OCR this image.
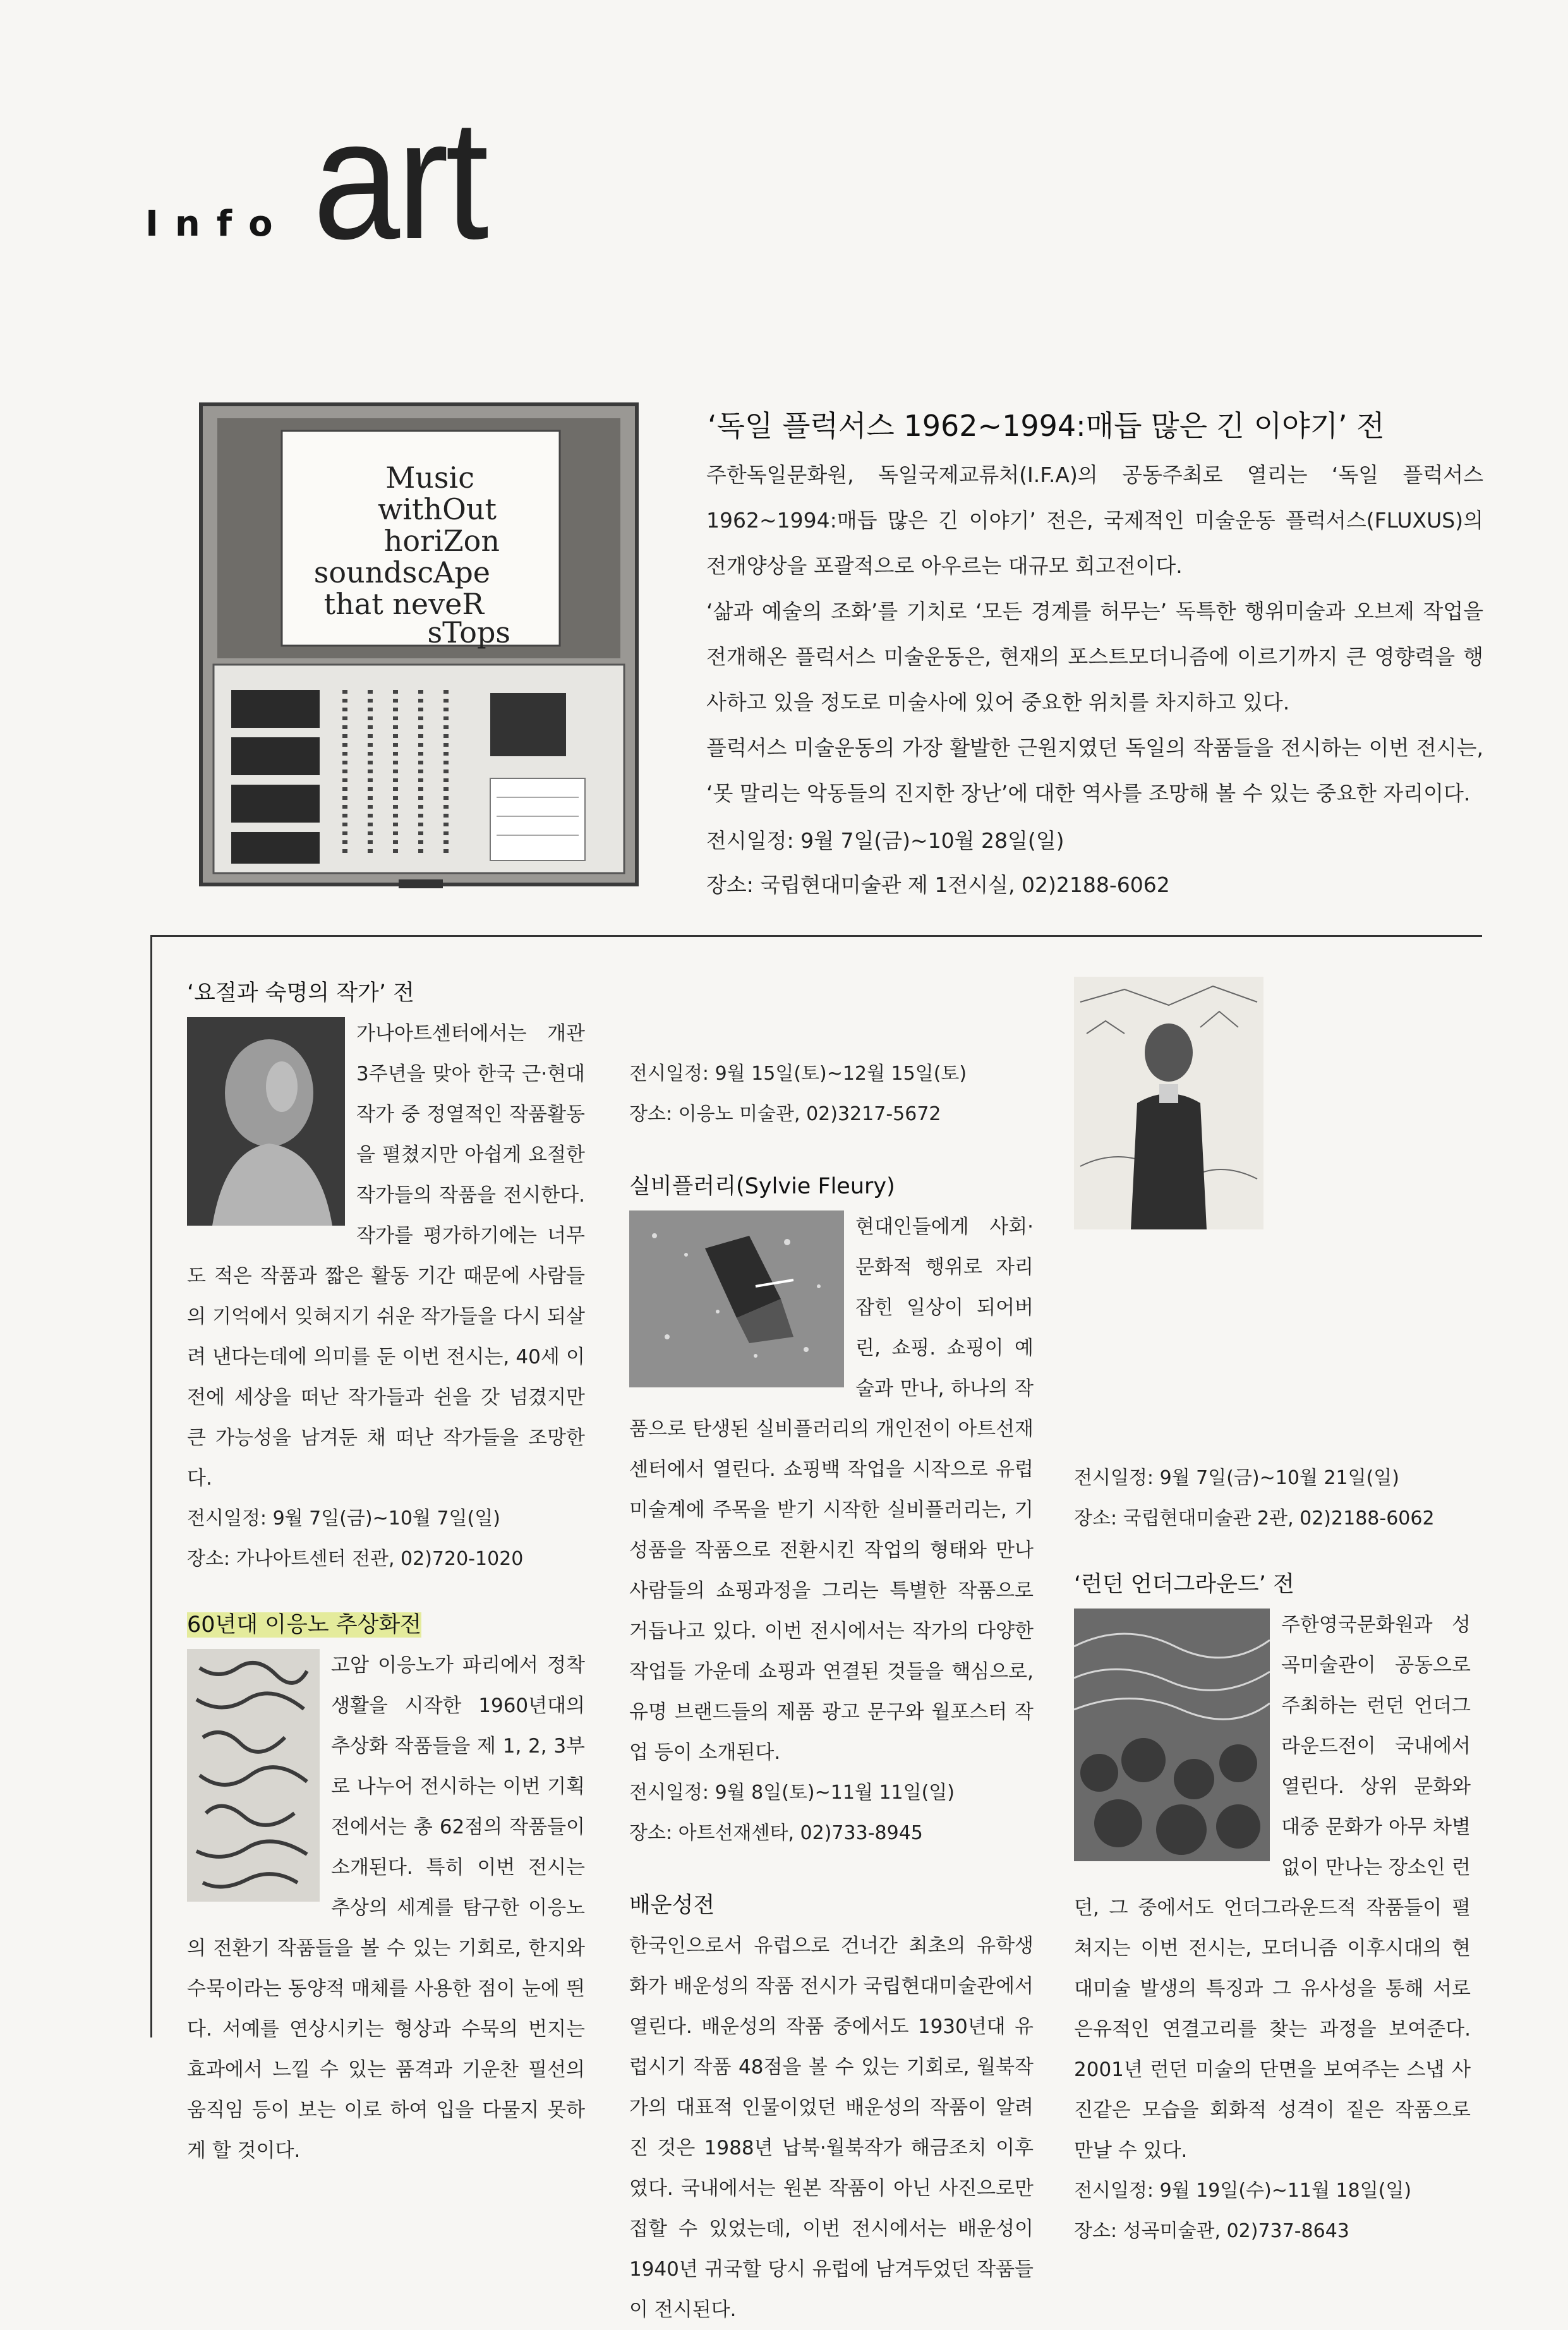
Info art
Music
withOut
horiZon
soundscApe
that neveR
sTops
‘독일 플럭서스 1962~1994:매듭 많은 긴 이야기’ 전

주한독일문화원, 독일국제교류처(I.F.A)의 공동주최로 열리는 ‘독일 플럭서스 1962~1994:매듭 많은 긴 이야기’ 전은, 국제적인 미술운동 플럭서스(FLUXUS)의 전개양상을 포괄적으로 아우르는 대규모 회고전이다.

‘삶과 예술의 조화’를 기치로 ‘모든 경계를 허무는’ 독특한 행위미술과 오브제 작업을 전개해온 플럭서스 미술운동은, 현재의 포스트모더니즘에 이르기까지 큰 영향력을 행사하고 있을 정도로 미술사에 있어 중요한 위치를 차지하고 있다.

플럭서스 미술운동의 가장 활발한 근원지였던 독일의 작품들을 전시하는 이번 전시는, ‘못 말리는 악동들의 진지한 장난’에 대한 역사를 조망해 볼 수 있는 중요한 자리이다.

전시일정: 9월 7일(금)~10월 28일(일)
장소: 국립현대미술관 제 1전시실, 02)2188-6062
‘요절과 숙명의 작가’ 전

가나아트센터에서는 개관 3주년을 맞아 한국 근·현대 작가 중 정열적인 작품활동을 펼쳤지만 아쉽게 요절한 작가들의 작품을 전시한다. 작가를 평가하기에는 너무도 적은 작품과 짧은 활동 기간 때문에 사람들의 기억에서 잊혀지기 쉬운 작가들을 다시 되살려 낸다는데에 의미를 둔 이번 전시는, 40세 이전에 세상을 떠난 작가들과 쉰을 갓 넘겼지만 큰 가능성을 남겨둔 채 떠난 작가들을 조망한다.

전시일정: 9월 7일(금)~10월 7일(일)
장소: 가나아트센터 전관, 02)720-1020
60년대 이응노 추상화전

고암 이응노가 파리에서 정착생활을 시작한 1960년대의 추상화 작품들을 제 1, 2, 3부로 나누어 전시하는 이번 기획전에서는 총 62점의 작품들이 소개된다. 특히 이번 전시는 추상의 세계를 탐구한 이응노의 전환기 작품들을 볼 수 있는 기회로, 한지와 수묵이라는 동양적 매체를 사용한 점이 눈에 띈다. 서예를 연상시키는 형상과 수묵의 번지는 효과에서 느낄 수 있는 품격과 기운찬 필선의 움직임 등이 보는 이로 하여 입을 다물지 못하게 할 것이다.

전시일정: 9월 15일(토)~12월 15일(토)
장소: 이응노 미술관, 02)3217-5672
실비플러리(Sylvie Fleury)

현대인들에게 사회·문화적 행위로 자리잡힌 일상이 되어버린, 쇼핑. 쇼핑이 예술과 만나, 하나의 작품으로 탄생된 실비플러리의 개인전이 아트선재센터에서 열린다. 쇼핑백 작업을 시작으로 유럽 미술계에 주목을 받기 시작한 실비플러리는, 기성품을 작품으로 전환시킨 작업의 형태와 만나 사람들의 쇼핑과정을 그리는 특별한 작품으로 거듭나고 있다. 이번 전시에서는 작가의 다양한 작업들 가운데 쇼핑과 연결된 것들을 핵심으로, 유명 브랜드들의 제품 광고 문구와 월포스터 작업 등이 소개된다.

전시일정: 9월 8일(토)~11월 11일(일)
장소: 아트선재센타, 02)733-8945
배운성전

한국인으로서 유럽으로 건너간 최초의 유학생 화가 배운성의 작품 전시가 국립현대미술관에서 열린다. 배운성의 작품 중에서도 1930년대 유럽시기 작품 48점을 볼 수 있는 기회로, 월북작가의 대표적 인물이었던 배운성의 작품이 알려진 것은 1988년 납북·월북작가 해금조치 이후였다. 국내에서는 원본 작품이 아닌 사진으로만 접할 수 있었는데, 이번 전시에서는 배운성이 1940년 귀국할 당시 유럽에 남겨두었던 작품들이 전시된다.

전시일정: 9월 7일(금)~10월 21일(일)
장소: 국립현대미술관 2관, 02)2188-6062
‘런던 언더그라운드’ 전

주한영국문화원과 성곡미술관이 공동으로 주최하는 런던 언더그라운드전이 국내에서 열린다. 상위 문화와 대중 문화가 아무 차별 없이 만나는 장소인 런던, 그 중에서도 언더그라운드적 작품들이 펼쳐지는 이번 전시는, 모더니즘 이후시대의 현대미술 발생의 특징과 그 유사성을 통해 서로 은유적인 연결고리를 찾는 과정을 보여준다. 2001년 런던 미술의 단면을 보여주는 스냅 사진같은 모습을 회화적 성격이 짙은 작품으로 만날 수 있다.

전시일정: 9월 19일(수)~11월 18일(일)
장소: 성곡미술관, 02)737-8643
